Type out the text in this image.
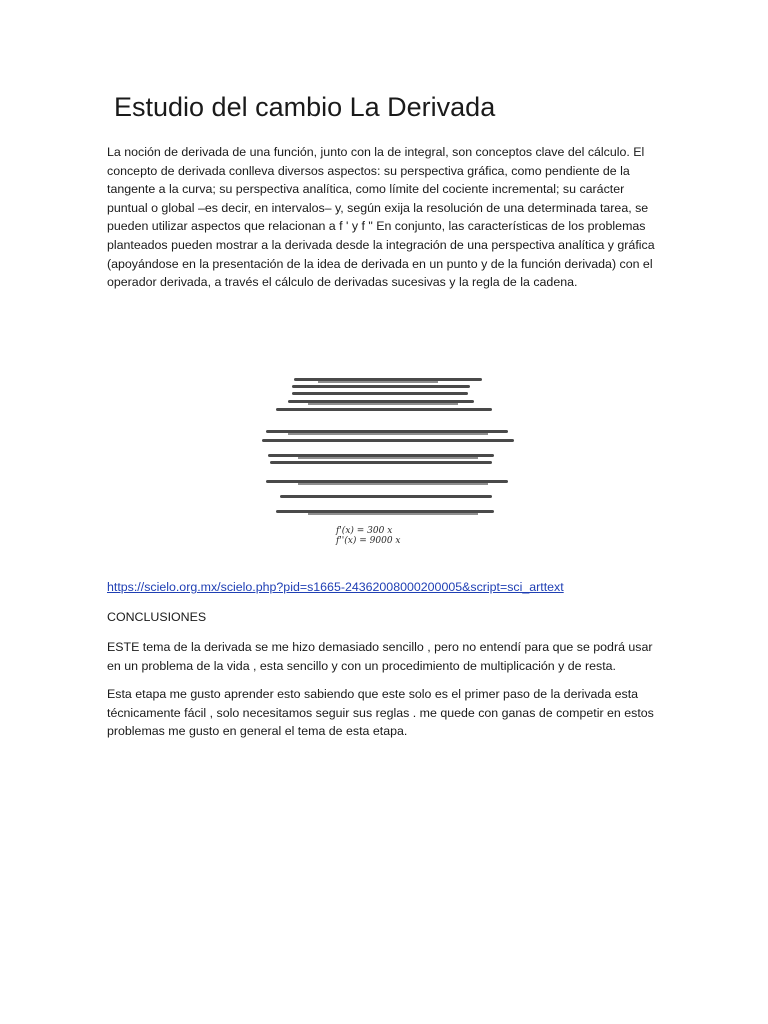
Estudio del cambio La Derivada

La noción de derivada de una función, junto con la de integral, son conceptos clave del cálculo. El concepto de derivada conlleva diversos aspectos: su perspectiva gráfica, como pendiente de la tangente a la curva; su perspectiva analítica, como límite del cociente incremental; su carácter puntual o global –es decir, en intervalos– y, según exija la resolución de una determinada tarea, se pueden utilizar aspectos que relacionan a f ' y f " En conjunto, las características de los problemas planteados pueden mostrar a la derivada desde la integración de una perspectiva analítica y gráfica (apoyándose en la presentación de la idea de derivada en un punto y de la función derivada) con el operador derivada, a través el cálculo de derivadas sucesivas y la regla de la cadena.

f'(x) = 300 x
f''(x) = 9000 x
https://scielo.org.mx/scielo.php?pid=s1665-24362008000200005&script=sci_arttext
CONCLUSIONES

ESTE tema de la derivada se me hizo demasiado sencillo , pero no entendí para que se podrá usar en un problema de la vida , esta sencillo y con un procedimiento de multiplicación y de resta.

Esta etapa me gusto aprender esto sabiendo que este solo es el primer paso de la derivada esta técnicamente fácil , solo necesitamos seguir sus reglas . me quede con ganas de competir en estos problemas me gusto en general el tema de esta etapa.
